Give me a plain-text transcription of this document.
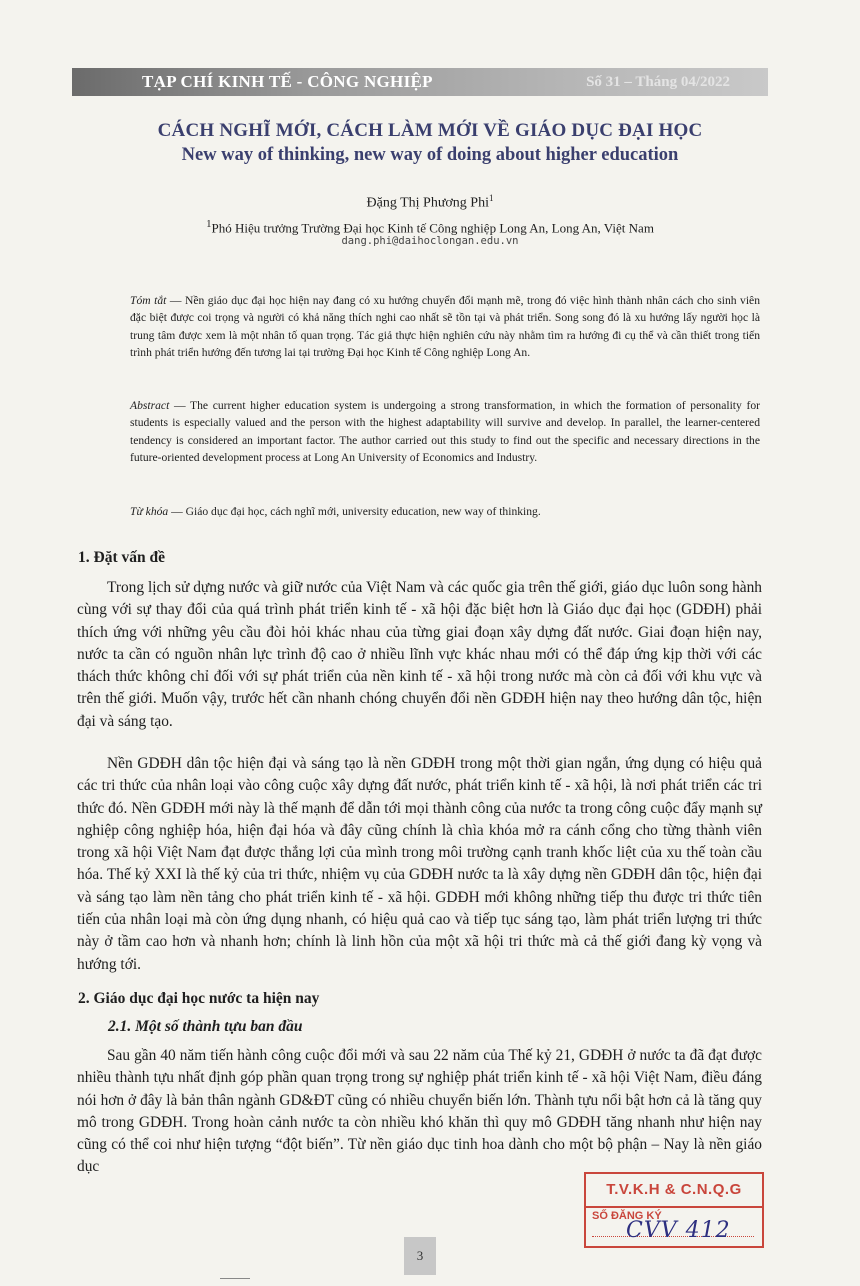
TẠP CHÍ KINH TẾ - CÔNG NGHIỆP	Số 31 – Tháng 04/2022
CÁCH NGHĨ MỚI, CÁCH LÀM MỚI VỀ GIÁO DỤC ĐẠI HỌC
New way of thinking, new way of doing about higher education
Đặng Thị Phương Phi$^1$
$^1$Phó Hiệu trưởng Trường Đại học Kinh tế Công nghiệp Long An, Long An, Việt Nam
dang.phi@daihoclongan.edu.vn
Tóm tắt — Nền giáo dục đại học hiện nay đang có xu hướng chuyển đổi mạnh mẽ, trong đó việc hình thành nhân cách cho sinh viên đặc biệt được coi trọng và người có khả năng thích nghi cao nhất sẽ tồn tại và phát triển. Song song đó là xu hướng lấy người học là trung tâm được xem là một nhân tố quan trọng. Tác giả thực hiện nghiên cứu này nhằm tìm ra hướng đi cụ thể và cần thiết trong tiến trình phát triển hướng đến tương lai tại trường Đại học Kinh tế Công nghiệp Long An.
Abstract — The current higher education system is undergoing a strong transformation, in which the formation of personality for students is especially valued and the person with the highest adaptability will survive and develop. In parallel, the learner-centered tendency is considered an important factor. The author carried out this study to find out the specific and necessary directions in the future-oriented development process at Long An University of Economics and Industry.
Từ khóa — Giáo dục đại học, cách nghĩ mới, university education, new way of thinking.
1. Đặt vấn đề
Trong lịch sử dựng nước và giữ nước của Việt Nam và các quốc gia trên thế giới, giáo dục luôn song hành cùng với sự thay đổi của quá trình phát triển kinh tế - xã hội đặc biệt hơn là Giáo dục đại học (GDĐH) phải thích ứng với những yêu cầu đòi hỏi khác nhau của từng giai đoạn xây dựng đất nước. Giai đoạn hiện nay, nước ta cần có nguồn nhân lực trình độ cao ở nhiều lĩnh vực khác nhau mới có thể đáp ứng kịp thời với các thách thức không chỉ đối với sự phát triển của nền kinh tế - xã hội trong nước mà còn cả đối với khu vực và trên thế giới. Muốn vậy, trước hết cần nhanh chóng chuyển đổi nền GDĐH hiện nay theo hướng dân tộc, hiện đại và sáng tạo.
Nền GDĐH dân tộc hiện đại và sáng tạo là nền GDĐH trong một thời gian ngắn, ứng dụng có hiệu quả các tri thức của nhân loại vào công cuộc xây dựng đất nước, phát triển kinh tế - xã hội, là nơi phát triển các tri thức đó. Nền GDĐH mới này là thế mạnh để dẫn tới mọi thành công của nước ta trong công cuộc đẩy mạnh sự nghiệp công nghiệp hóa, hiện đại hóa và đây cũng chính là chìa khóa mở ra cánh cổng cho từng thành viên trong xã hội Việt Nam đạt được thắng lợi của mình trong môi trường cạnh tranh khốc liệt của xu thế toàn cầu hóa. Thế kỷ XXI là thế kỷ của tri thức, nhiệm vụ của GDĐH nước ta là xây dựng nền GDĐH dân tộc, hiện đại và sáng tạo làm nền tảng cho phát triển kinh tế - xã hội. GDĐH mới không những tiếp thu được tri thức tiên tiến của nhân loại mà còn ứng dụng nhanh, có hiệu quả cao và tiếp tục sáng tạo, làm phát triển lượng tri thức này ở tầm cao hơn và nhanh hơn; chính là linh hồn của một xã hội tri thức mà cả thế giới đang kỳ vọng và hướng tới.
2. Giáo dục đại học nước ta hiện nay
2.1. Một số thành tựu ban đầu
Sau gần 40 năm tiến hành công cuộc đổi mới và sau 22 năm của Thế kỷ 21, GDĐH ở nước ta đã đạt được nhiều thành tựu nhất định góp phần quan trọng trong sự nghiệp phát triển kinh tế - xã hội Việt Nam, điều đáng nói hơn ở đây là bản thân ngành GD&ĐT cũng có nhiều chuyển biến lớn. Thành tựu nổi bật hơn cả là tăng quy mô trong GDĐH. Trong hoàn cảnh nước ta còn nhiều khó khăn thì quy mô GDĐH tăng nhanh như hiện nay cũng có thể coi như hiện tượng “đột biến”. Từ nền giáo dục tinh hoa dành cho một bộ phận – Nay là nền giáo dục
T.V.K.H & C.N.Q.G
SỐ ĐĂNG KÝ
CVV 412
3
